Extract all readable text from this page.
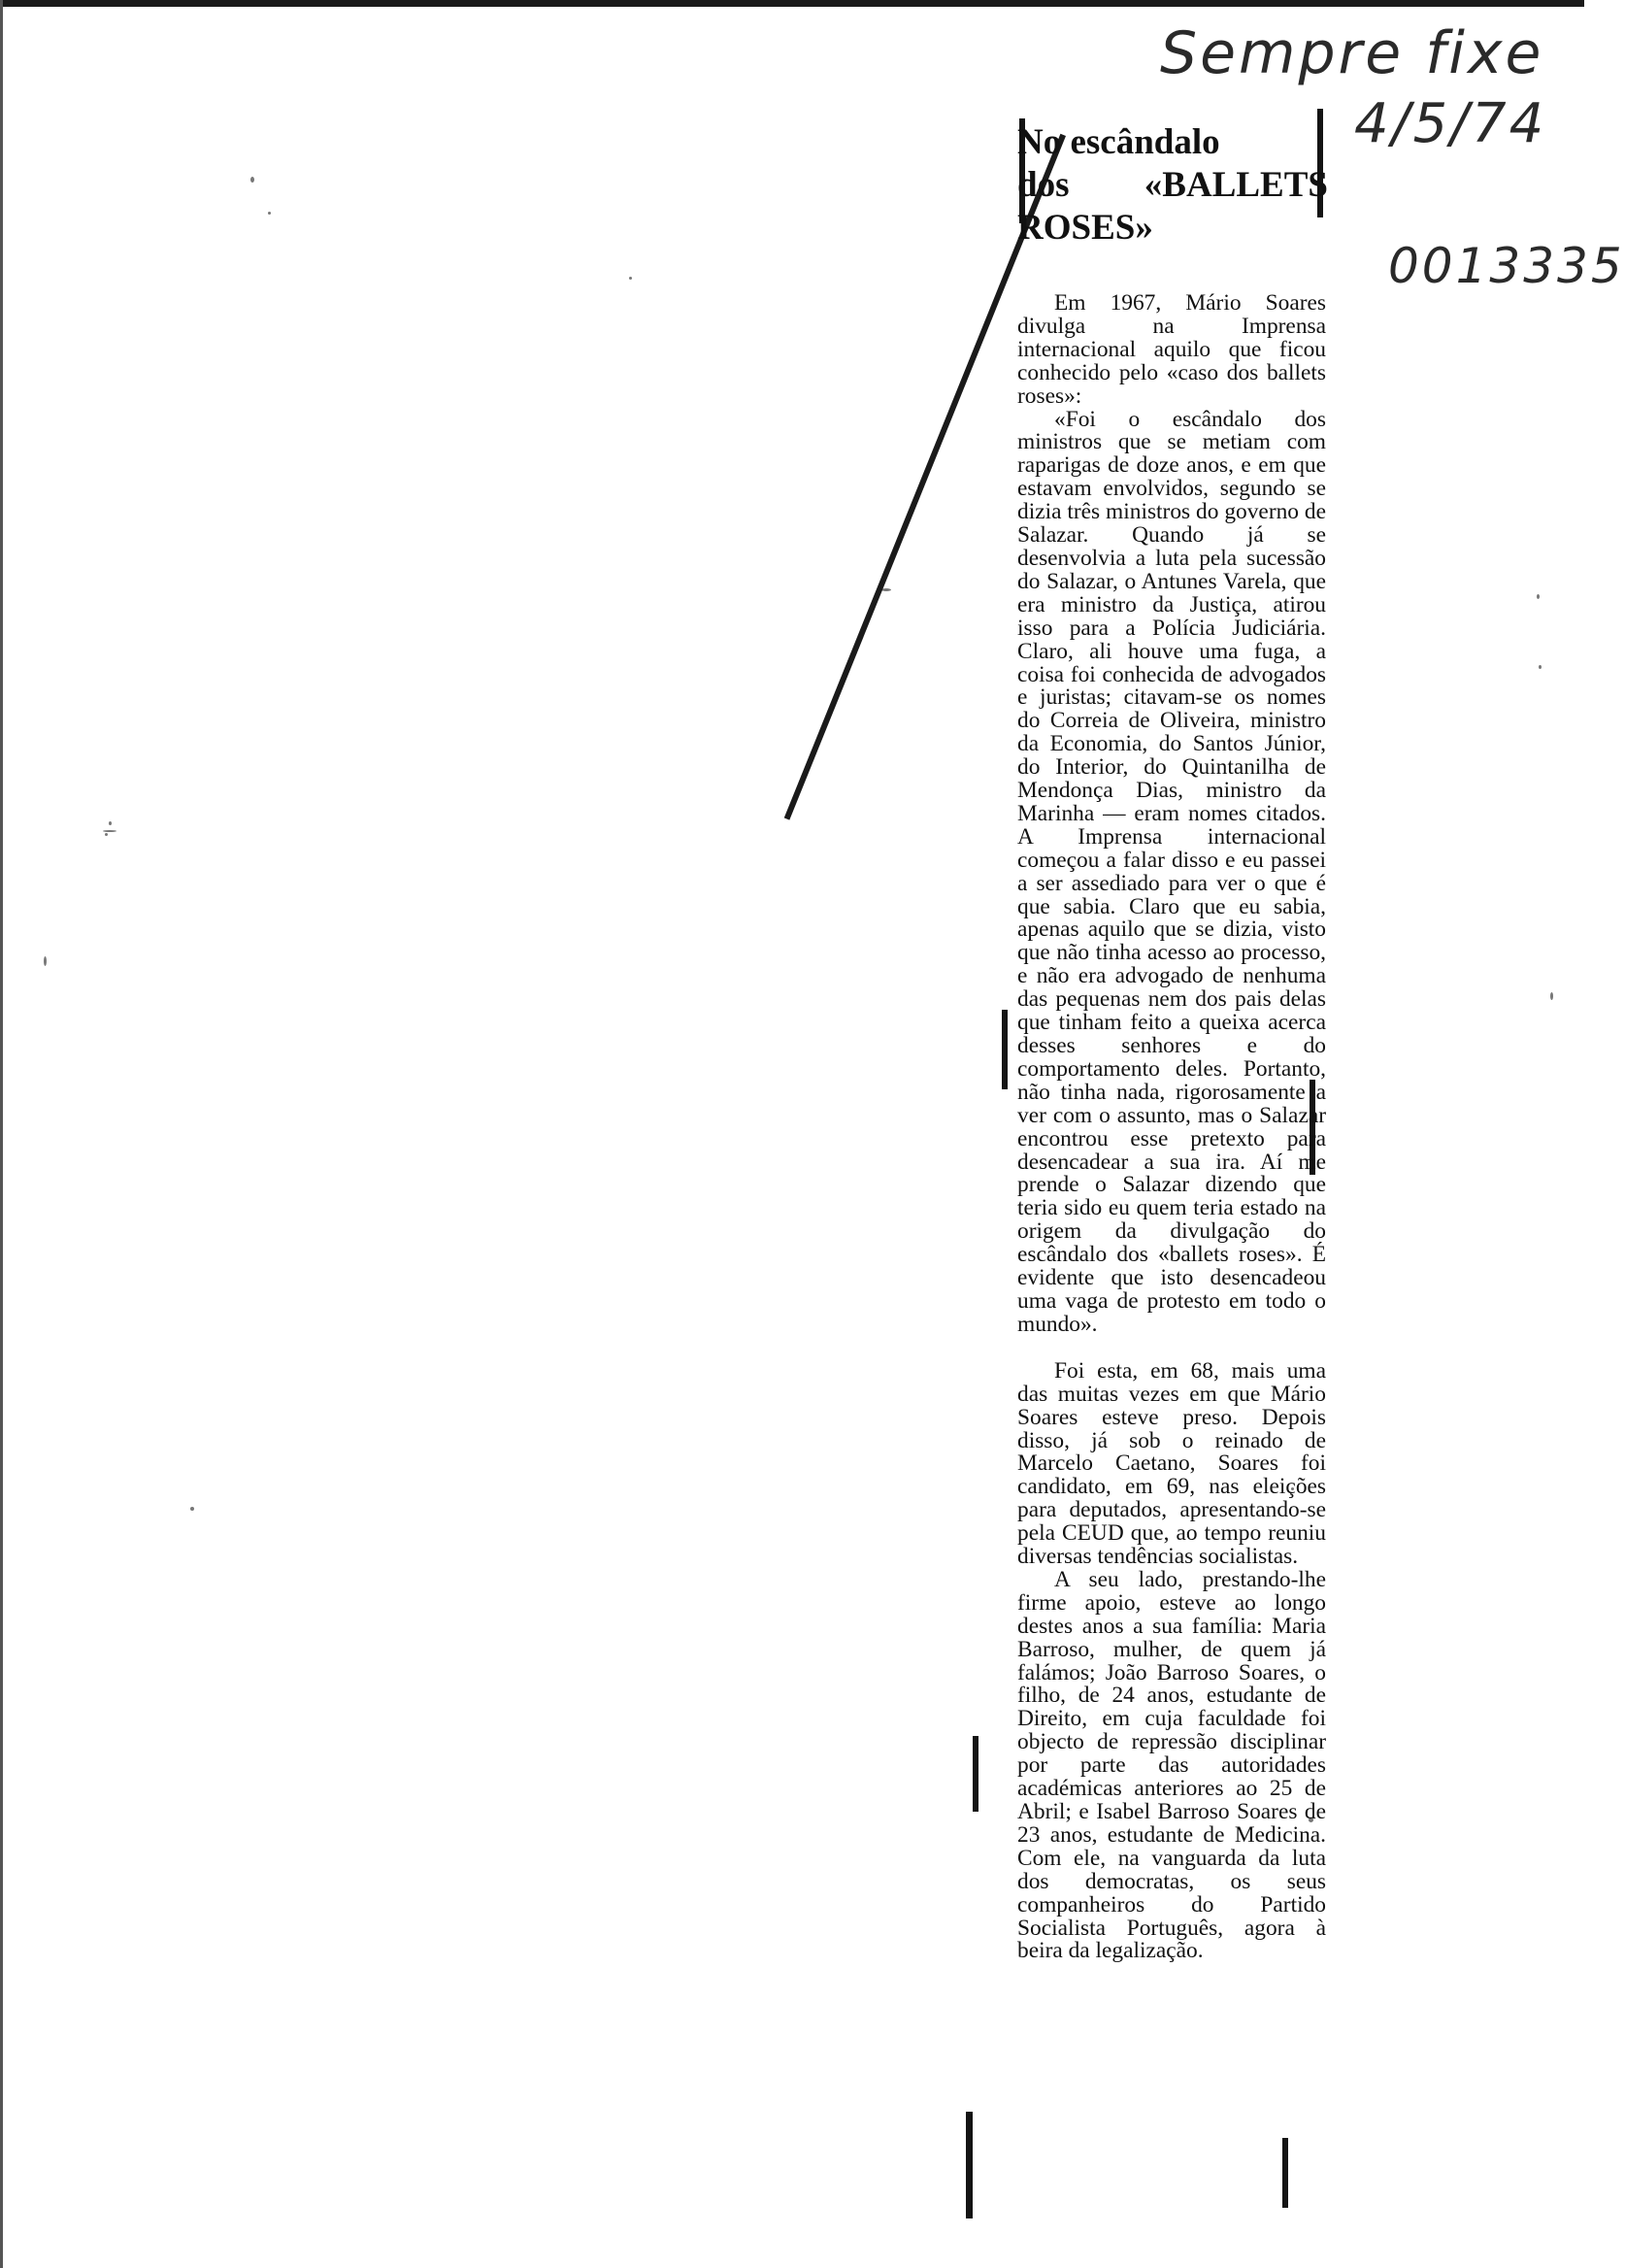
Sempre fixe
4/5/74
0013335
No escândalo
dos «BALLETS
ROSES»

Em 1967, Mário Soares divulga na Imprensa internacional aquilo que ficou conhecido pelo «caso dos ballets roses»:

«Foi o escândalo dos ministros que se metiam com raparigas de doze anos, e em que estavam envolvidos, segundo se dizia três ministros do governo de Salazar. Quando já se desenvolvia a luta pela sucessão do Salazar, o Antunes Varela, que era ministro da Justiça, atirou isso para a Polícia Judiciária. Claro, ali houve uma fuga, a coisa foi conhecida de advogados e juristas; citavam-se os nomes do Correia de Oliveira, ministro da Economia, do Santos Júnior, do Interior, do Quintanilha de Mendonça Dias, ministro da Marinha — eram nomes citados. A Imprensa internacional começou a falar disso e eu passei a ser assediado para ver o que é que sabia. Claro que eu sabia, apenas aquilo que se dizia, visto que não tinha acesso ao processo, e não era advogado de nenhuma das pequenas nem dos pais delas que tinham feito a queixa acerca desses senhores e do comportamento deles. Portanto, não tinha nada, rigorosamente a ver com o assunto, mas o Salazar encontrou esse pretexto para desencadear a sua ira. Aí me prende o Salazar dizendo que teria sido eu quem teria estado na origem da divulgação do escândalo dos «ballets roses». É evidente que isto desencadeou uma vaga de protesto em todo o mundo».

Foi esta, em 68, mais uma das muitas vezes em que Mário Soares esteve preso. Depois disso, já sob o reinado de Marcelo Caetano, Soares foi candidato, em 69, nas eleições para deputados, apresentando-se pela CEUD que, ao tempo reuniu diversas tendências socialistas.

A seu lado, prestando-lhe firme apoio, esteve ao longo destes anos a sua família: Maria Barroso, mulher, de quem já falámos; João Barroso Soares, o filho, de 24 anos, estudante de Direito, em cuja faculdade foi objecto de repressão disciplinar por parte das autoridades académicas anteriores ao 25 de Abril; e Isabel Barroso Soares de 23 anos, estudante de Medicina. Com ele, na vanguarda da luta dos democratas, os seus companheiros do Partido Socialista Português, agora à beira da legalização.
